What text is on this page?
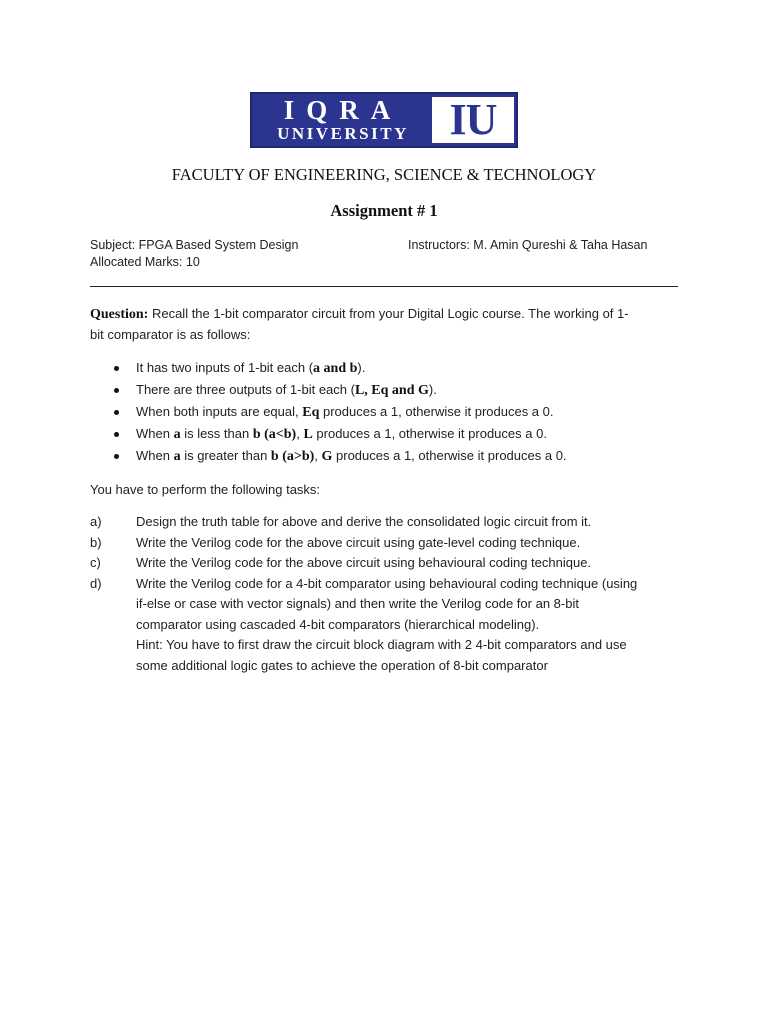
IQRA
UNIVERSITY IU
FACULTY OF ENGINEERING, SCIENCE & TECHNOLOGY
Assignment # 1
Subject: FPGA Based System Design	Instructors: M. Amin Qureshi & Taha Hasan
Allocated Marks: 10
Question: Recall the 1-bit comparator circuit from your Digital Logic course. The working of 1-
bit comparator is as follows:
It has two inputs of 1-bit each (a and b).
There are three outputs of 1-bit each (L, Eq and G).
When both inputs are equal, Eq produces a 1, otherwise it produces a 0.
When a is less than b (a<b), L produces a 1, otherwise it produces a 0.
When a is greater than b (a>b), G produces a 1, otherwise it produces a 0.
You have to perform the following tasks:
a)	Design the truth table for above and derive the consolidated logic circuit from it.
b)	Write the Verilog code for the above circuit using gate-level coding technique.
c)	Write the Verilog code for the above circuit using behavioural coding technique.
d)	Write the Verilog code for a 4-bit comparator using behavioural coding technique (using
if-else or case with vector signals) and then write the Verilog code for an 8-bit
comparator using cascaded 4-bit comparators (hierarchical modeling).
Hint: You have to first draw the circuit block diagram with 2 4-bit comparators and use
some additional logic gates to achieve the operation of 8-bit comparator
